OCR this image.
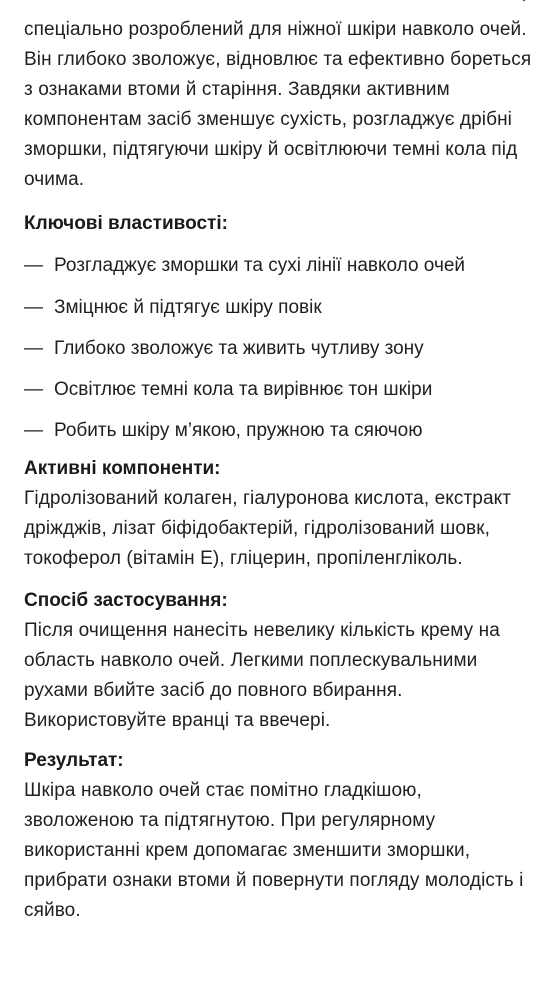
спеціально розроблений для ніжної шкіри навколо очей. Він глибоко зволожує, відновлює та ефективно бореться з ознаками втоми й старіння. Завдяки активним компонентам засіб зменшує сухість, розгладжує дрібні зморшки, підтягуючи шкіру й освітлюючи темні кола під очима.

Ключові властивості:

— Розгладжує зморшки та сухі лінії навколо очей
— Зміцнює й підтягує шкіру повік
— Глибоко зволожує та живить чутливу зону
— Освітлює темні кола та вирівнює тон шкіри
— Робить шкіру м’якою, пружною та сяючою

Активні компоненти:

Гідролізований колаген, гіалуронова кислота, екстракт дріжджів, лізат біфідобактерій, гідролізований шовк, токоферол (вітамін Е), гліцерин, пропіленгліколь.

Спосіб застосування:

Після очищення нанесіть невелику кількість крему на область навколо очей. Легкими поплескувальними рухами вбийте засіб до повного вбирання. Використовуйте вранці та ввечері.

Результат:

Шкіра навколо очей стає помітно гладкішою, зволоженою та підтягнутою. При регулярному використанні крем допомагає зменшити зморшки, прибрати ознаки втоми й повернути погляду молодість і сяйво.
